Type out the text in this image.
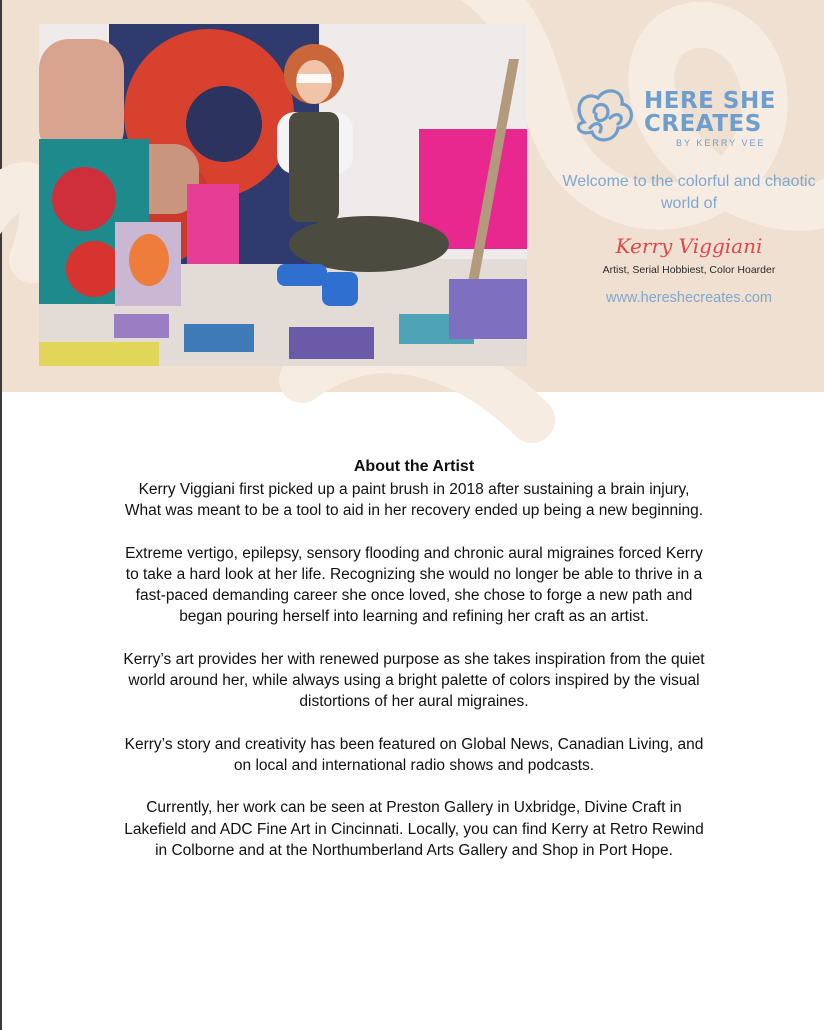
HERE SHE
CREATES
BY KERRY VEE
Welcome to the colorful and chaotic world of
Kerry Viggiani
Artist, Serial Hobbiest, Color Hoarder
www.hereshecreates.com
About the Artist

Kerry Viggiani first picked up a paint brush in 2018 after sustaining a brain injury, What was meant to be a tool to aid in her recovery ended up being a new beginning.

Extreme vertigo, epilepsy, sensory flooding and chronic aural migraines forced Kerry to take a hard look at her life. Recognizing she would no longer be able to thrive in a fast-paced demanding career she once loved, she chose to forge a new path and began pouring herself into learning and refining her craft as an artist.

Kerry’s art provides her with renewed purpose as she takes inspiration from the quiet world around her, while always using a bright palette of colors inspired by the visual distortions of her aural migraines.

Kerry’s story and creativity has been featured on Global News, Canadian Living, and on local and international radio shows and podcasts.

Currently, her work can be seen at Preston Gallery in Uxbridge, Divine Craft in Lakefield and ADC Fine Art in Cincinnati. Locally, you can find Kerry at Retro Rewind in Colborne and at the Northumberland Arts Gallery and Shop in Port Hope.
